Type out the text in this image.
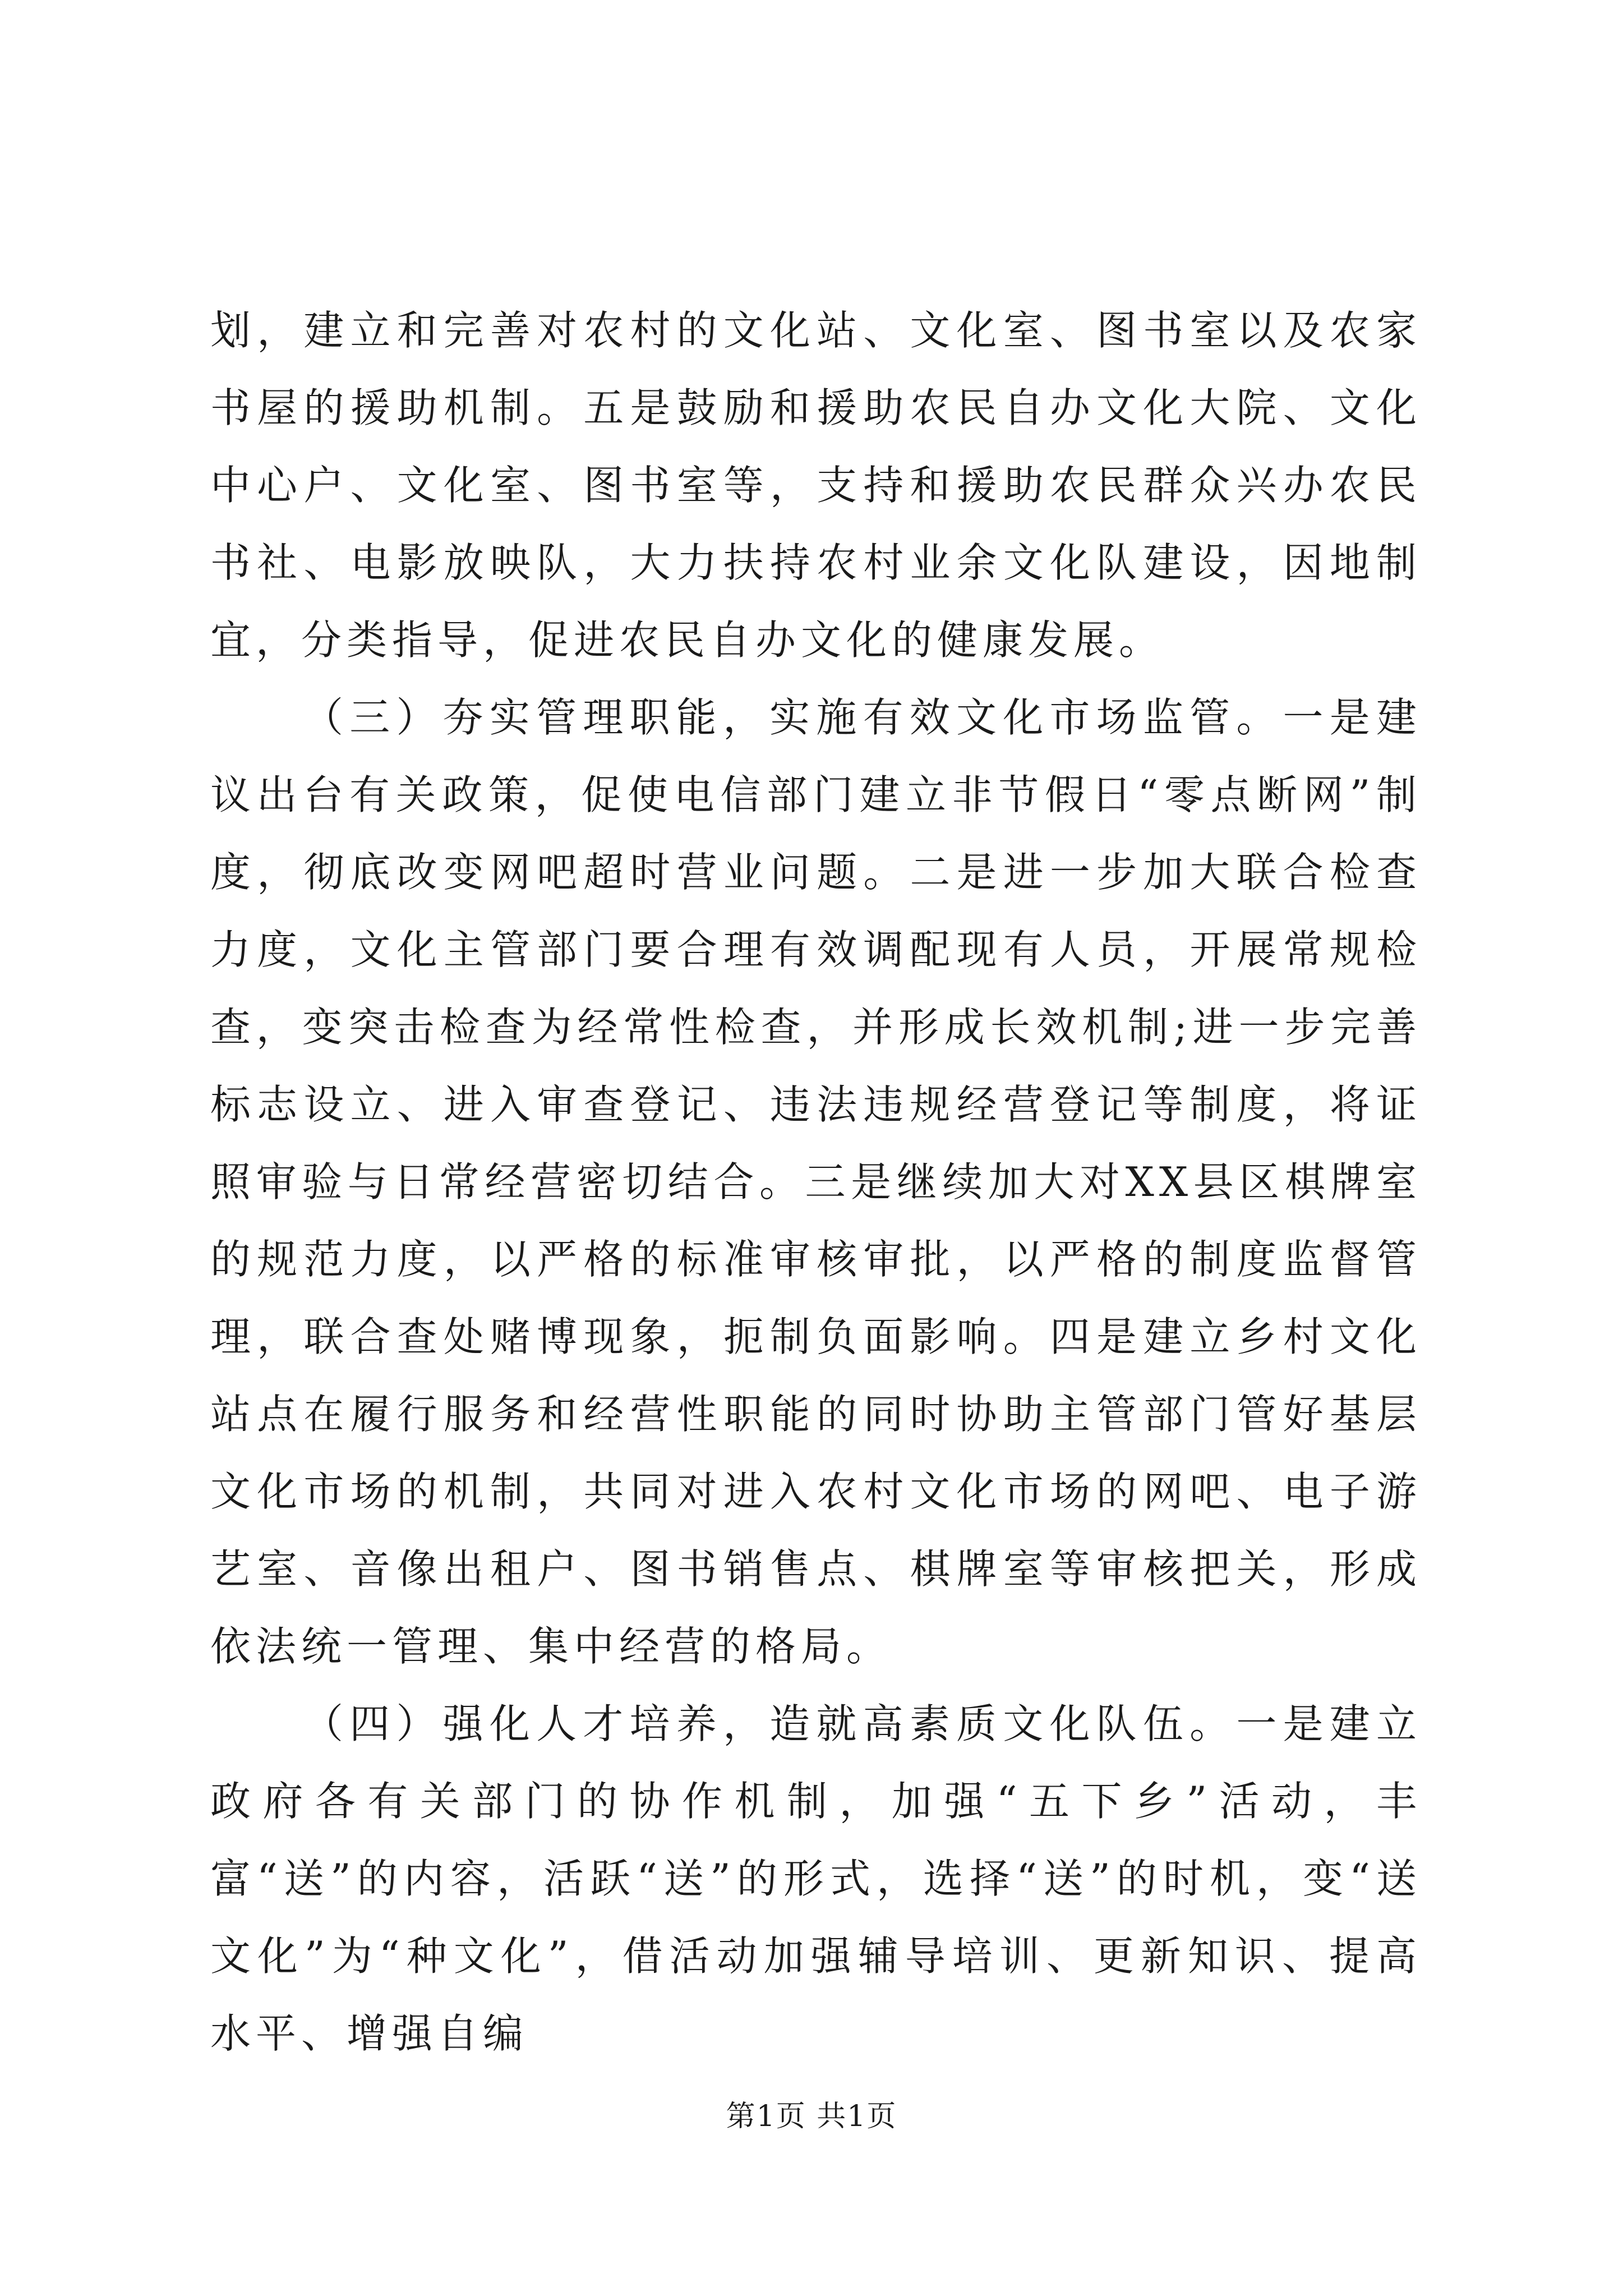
划，建立和完善对农村的文化站、文化室、图书室以及农家书屋的援助机制。五是鼓励和援助农民自办文化大院、文化中心户、文化室、图书室等，支持和援助农民群众兴办农民书社、电影放映队，大力扶持农村业余文化队建设，因地制宜，分类指导，促进农民自办文化的健康发展。

（三）夯实管理职能，实施有效文化市场监管。一是建议出台有关政策，促使电信部门建立非节假日“零点断网”制度，彻底改变网吧超时营业问题。二是进一步加大联合检查力度，文化主管部门要合理有效调配现有人员，开展常规检查，变突击检查为经常性检查，并形成长效机制;进一步完善标志设立、进入审查登记、违法违规经营登记等制度，将证照审验与日常经营密切结合。三是继续加大对XX县区棋牌室的规范力度，以严格的标准审核审批，以严格的制度监督管理，联合查处赌博现象，扼制负面影响。四是建立乡村文化站点在履行服务和经营性职能的同时协助主管部门管好基层文化市场的机制，共同对进入农村文化市场的网吧、电子游艺室、音像出租户、图书销售点、棋牌室等审核把关，形成依法统一管理、集中经营的格局。

（四）强化人才培养，造就高素质文化队伍。一是建立政府各有关部门的协作机制，加强“五下乡”活动，丰富“送”的内容，活跃“送”的形式，选择“送”的时机，变“送文化”为“种文化”，借活动加强辅导培训、更新知识、提高水平、增强自编

第1页 共1页
